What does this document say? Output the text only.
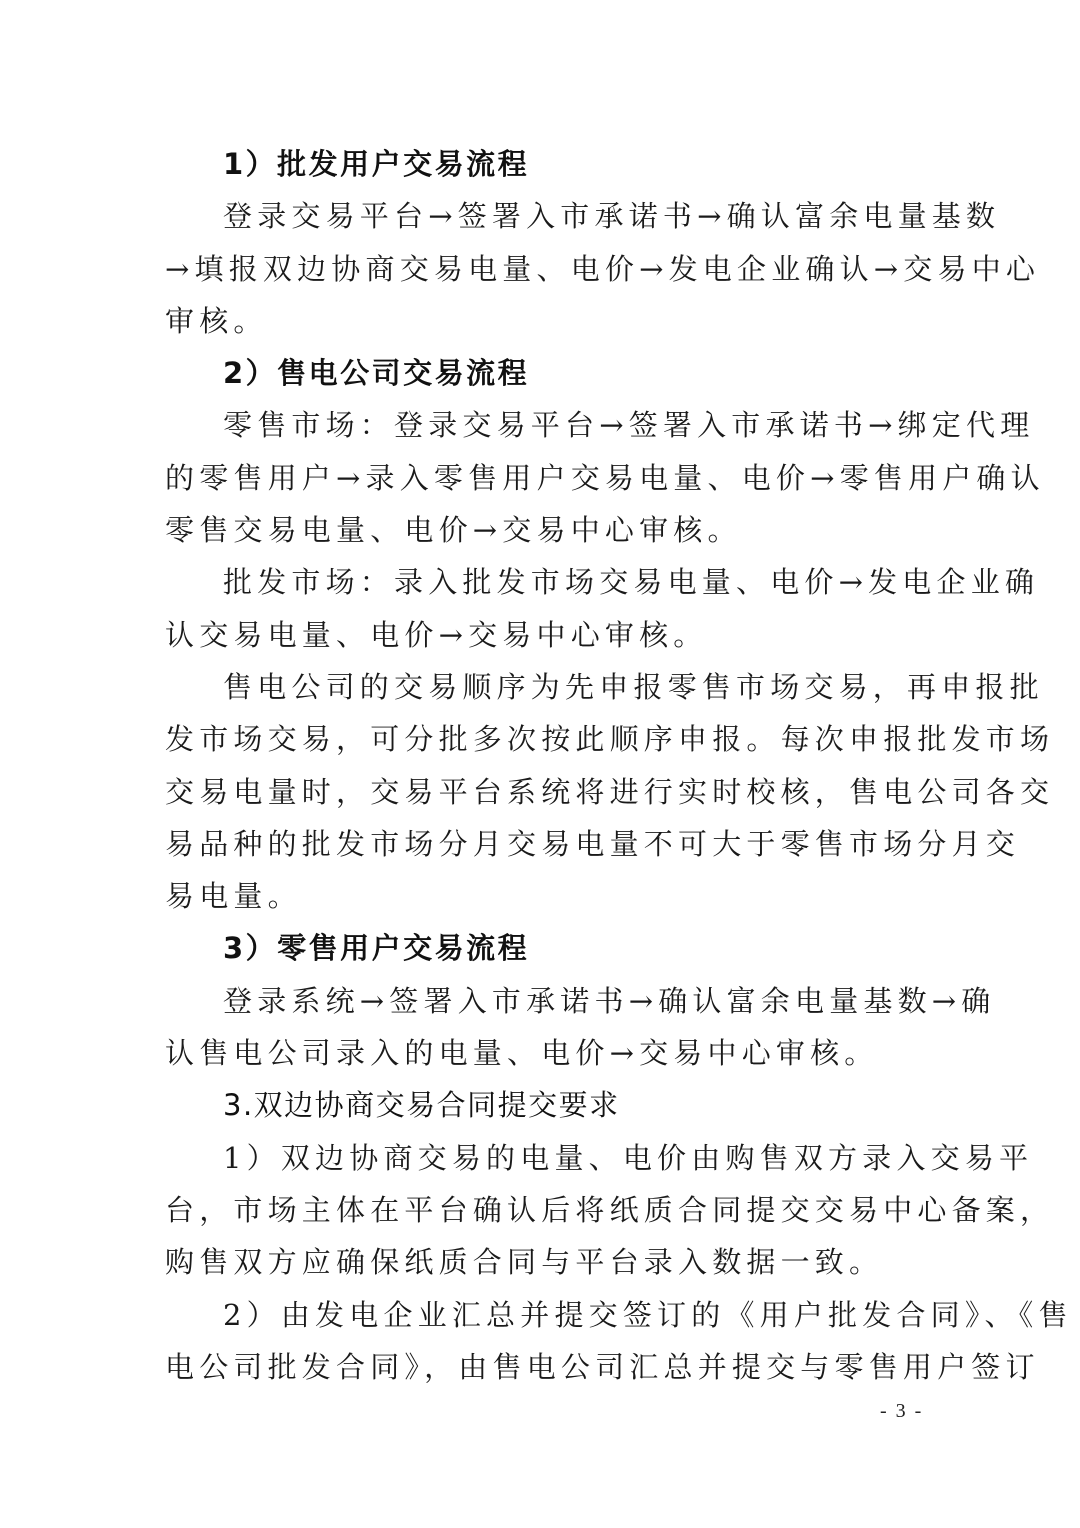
1）批发用户交易流程
登录交易平台→签署入市承诺书→确认富余电量基数
→填报双边协商交易电量、电价→发电企业确认→交易中心
审核。
2）售电公司交易流程
零售市场：登录交易平台→签署入市承诺书→绑定代理
的零售用户→录入零售用户交易电量、电价→零售用户确认
零售交易电量、电价→交易中心审核。
批发市场：录入批发市场交易电量、电价→发电企业确
认交易电量、电价→交易中心审核。
售电公司的交易顺序为先申报零售市场交易，再申报批
发市场交易，可分批多次按此顺序申报。每次申报批发市场
交易电量时，交易平台系统将进行实时校核，售电公司各交
易品种的批发市场分月交易电量不可大于零售市场分月交
易电量。
3）零售用户交易流程
登录系统→签署入市承诺书→确认富余电量基数→确
认售电公司录入的电量、电价→交易中心审核。
3.双边协商交易合同提交要求
1）双边协商交易的电量、电价由购售双方录入交易平
台，市场主体在平台确认后将纸质合同提交交易中心备案，
购售双方应确保纸质合同与平台录入数据一致。
2）由发电企业汇总并提交签订的《用户批发合同》、《售
电公司批发合同》，由售电公司汇总并提交与零售用户签订
- 3 -
